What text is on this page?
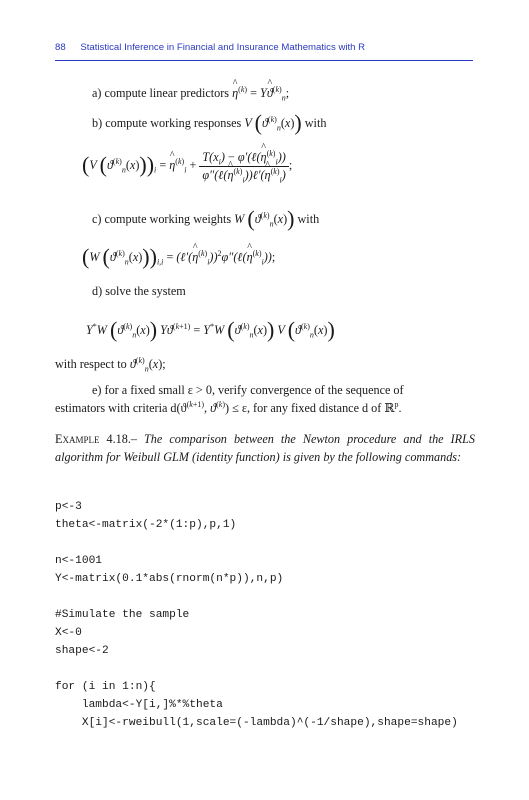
88 Statistical Inference in Financial and Insurance Mathematics with R
a) compute linear predictors ^ $\eta^{(k)}$ = Y^ $ϑ^{(k)}_n$;
b) compute working responses V $(ϑ^{(k)}_n(x))$ with
(V $(ϑ^{(k)}_n(x)))_i$ = ^ $\eta^{(k)}_i + \frac{T(x_i) - \varphi'(\ell(\^{} \eta^{(k)}_i))}{\varphi''(\ell(\^{} \eta^{(k)}_i))\ell'(\^{} \eta^{(k)}_i)}$ ;
c) compute working weights W $(ϑ^{(k)}_n(x))$ with
(W $(ϑ^{(k)}_n(x)))_{i,i}$ = (ℓ′(^ $\eta^{(k)}_i))^2\varphi''(\ell(\^{}$ $\eta^{(k)}_i$));
d) solve the system
Y*W $(ϑ^{(k)}_n(x)) Yϑ^{(k+1)} = Y^*W$ $(ϑ^{(k)}_n(x))$ V $(ϑ^{(k)}_n(x))$
with respect to $ϑ^{(k)}_n(x)$;
e) for a fixed small ε > 0, verify convergence of the sequence of
estimators with criteria $d(ϑ^{(k+1)}$, $ϑ^{(k)}) \le \varepsilon$, for any fixed distance d of ℝ$^p$.
Example 4.18.– The comparison between the Newton procedure and the IRLS algorithm for Weibull GLM (identity function) is given by the following commands:
p<-3
theta<-matrix(-2*(1:p),p,1)

n<-1001
Y<-matrix(0.1*abs(rnorm(n*p)),n,p)

#Simulate the sample
X<-0
shape<-2

for (i in 1:n){
lambda<-Y[i,]%*%theta
X[i]<-rweibull(1,scale=(-lambda)^(-1/shape),shape=shape)
